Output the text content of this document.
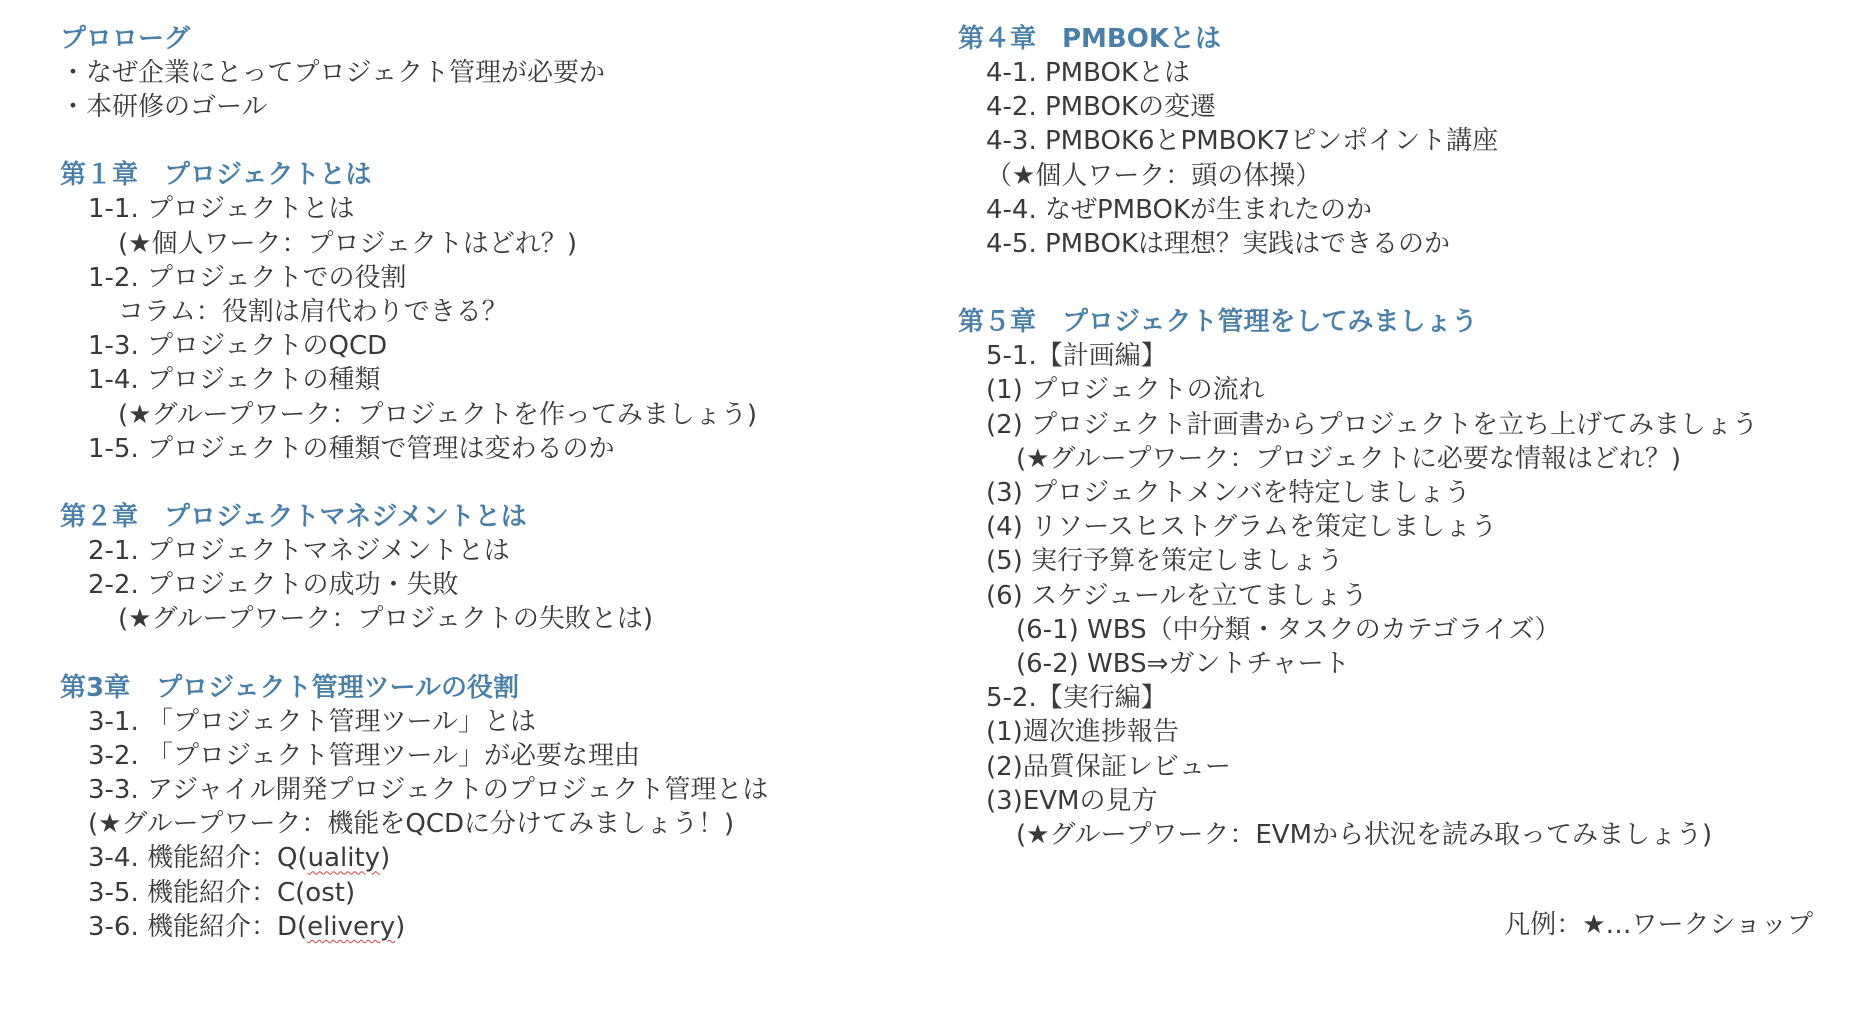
プロローグ
・なぜ企業にとってプロジェクト管理が必要か
・本研修のゴール
第１章　プロジェクトとは
1-1. プロジェクトとは
(★個人ワーク：プロジェクトはどれ？)
1-2. プロジェクトでの役割
コラム：役割は肩代わりできる？
1-3. プロジェクトのQCD
1-4. プロジェクトの種類
(★グループワーク：プロジェクトを作ってみましょう)
1-5. プロジェクトの種類で管理は変わるのか
第２章　プロジェクトマネジメントとは
2-1. プロジェクトマネジメントとは
2-2. プロジェクトの成功・失敗
(★グループワーク：プロジェクトの失敗とは)
第3章　プロジェクト管理ツールの役割
3-1. 「プロジェクト管理ツール」とは
3-2. 「プロジェクト管理ツール」が必要な理由
3-3. アジャイル開発プロジェクトのプロジェクト管理とは
(★グループワーク：機能をQCDに分けてみましょう！)
3-4. 機能紹介：Q(uality)
3-5. 機能紹介：C(ost)
3-6. 機能紹介：D(elivery)
第４章　PMBOKとは
4-1. PMBOKとは
4-2. PMBOKの変遷
4-3. PMBOK6とPMBOK7ピンポイント講座
（★個人ワーク：頭の体操）
4-4. なぜPMBOKが生まれたのか
4-5. PMBOKは理想？実践はできるのか
第５章　プロジェクト管理をしてみましょう
5-1.【計画編】
(1) プロジェクトの流れ
(2) プロジェクト計画書からプロジェクトを立ち上げてみましょう
(★グループワーク：プロジェクトに必要な情報はどれ？)
(3) プロジェクトメンバを特定しましょう
(4) リソースヒストグラムを策定しましょう
(5) 実行予算を策定しましょう
(6) スケジュールを立てましょう
(6-1) WBS（中分類・タスクのカテゴライズ）
(6-2) WBS⇒ガントチャート
5-2.【実行編】
(1)週次進捗報告
(2)品質保証レビュー
(3)EVMの見方
(★グループワーク：EVMから状況を読み取ってみましょう)
凡例：★…ワークショップ
